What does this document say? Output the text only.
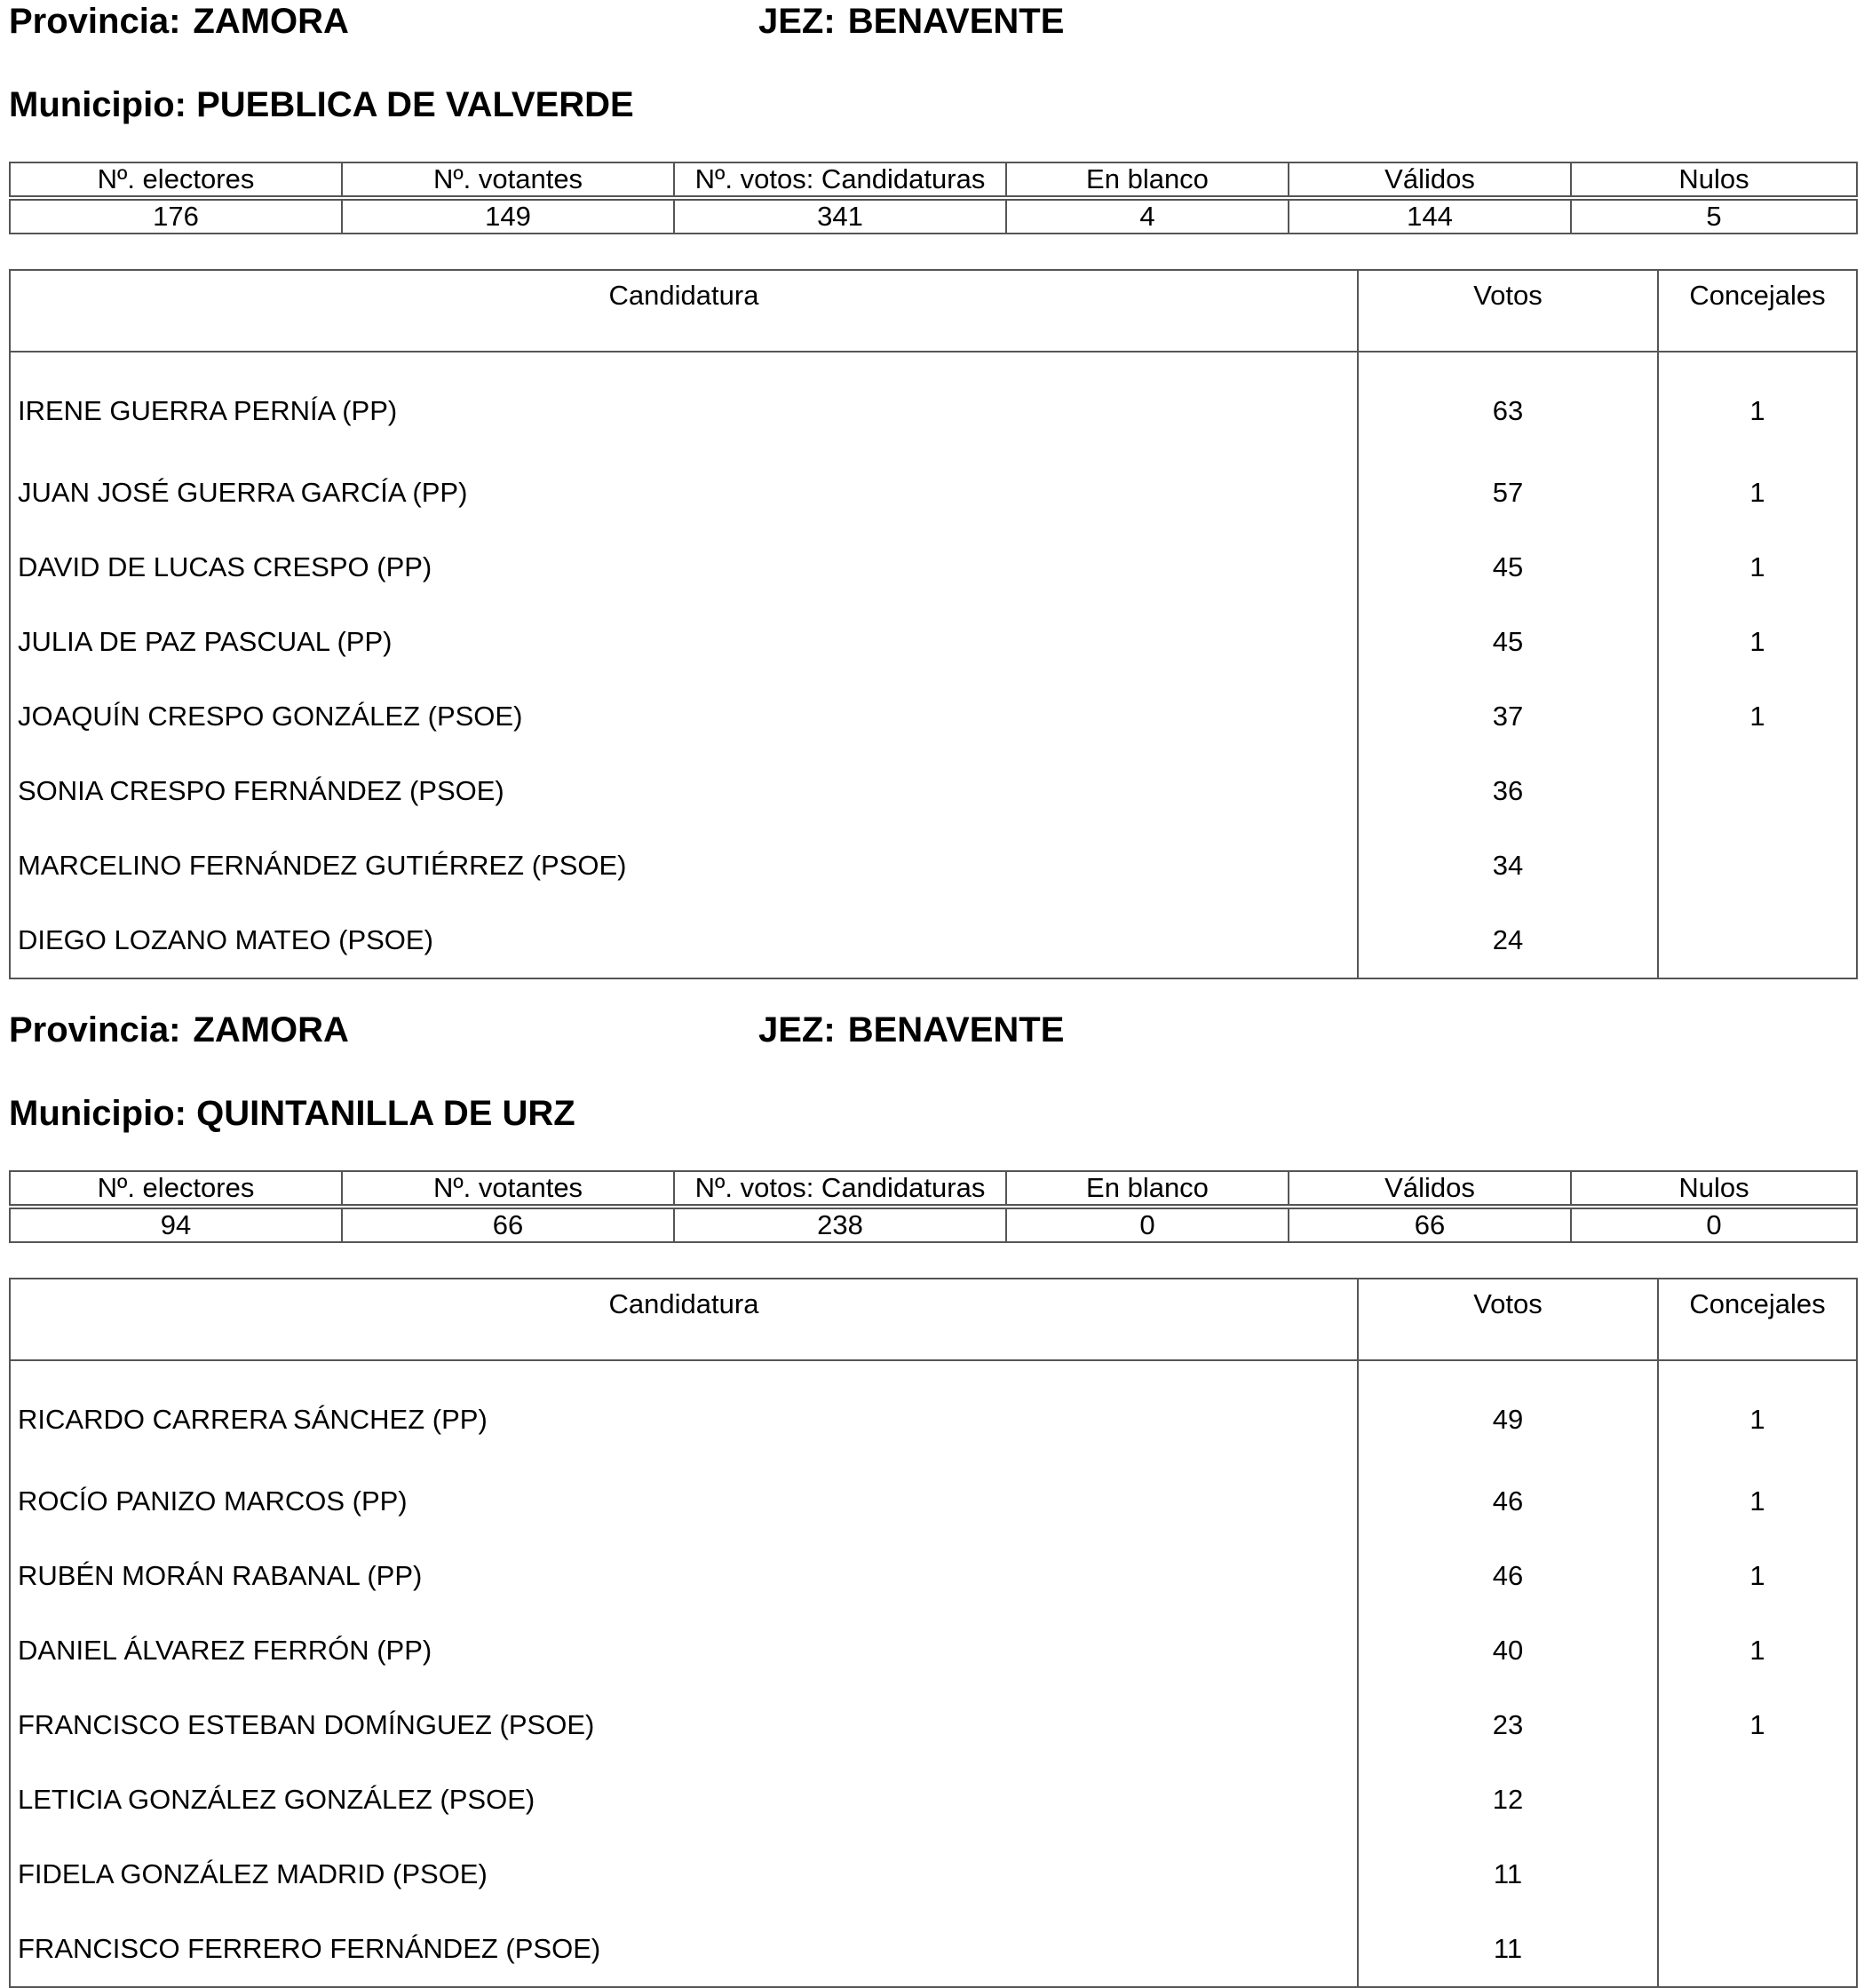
Provincia: ZAMORA	JEZ: BENAVENTE
Municipio: PUEBLICA DE VALVERDE
Nº. electores	Nº. votantes	Nº. votos: Candidaturas	En blanco	Válidos	Nulos

176	149	341	4	144	5
Candidatura	Votos	Concejales
IRENE GUERRA PERNÍA (PP)	63	1
JUAN JOSÉ GUERRA GARCÍA (PP)	57	1
DAVID DE LUCAS CRESPO (PP)	45	1
JULIA DE PAZ PASCUAL (PP)	45	1
JOAQUÍN CRESPO GONZÁLEZ (PSOE)	37	1
SONIA CRESPO FERNÁNDEZ (PSOE)	36	
MARCELINO FERNÁNDEZ GUTIÉRREZ (PSOE)	34	
DIEGO LOZANO MATEO (PSOE)	24	
Provincia: ZAMORA	JEZ: BENAVENTE
Municipio: QUINTANILLA DE URZ
Nº. electores	Nº. votantes	Nº. votos: Candidaturas	En blanco	Válidos	Nulos

94	66	238	0	66	0
Candidatura	Votos	Concejales
RICARDO CARRERA SÁNCHEZ (PP)	49	1
ROCÍO PANIZO MARCOS (PP)	46	1
RUBÉN MORÁN RABANAL (PP)	46	1
DANIEL ÁLVAREZ FERRÓN (PP)	40	1
FRANCISCO ESTEBAN DOMÍNGUEZ (PSOE)	23	1
LETICIA GONZÁLEZ GONZÁLEZ (PSOE)	12	
FIDELA GONZÁLEZ MADRID (PSOE)	11	
FRANCISCO FERRERO FERNÁNDEZ (PSOE)	11	
